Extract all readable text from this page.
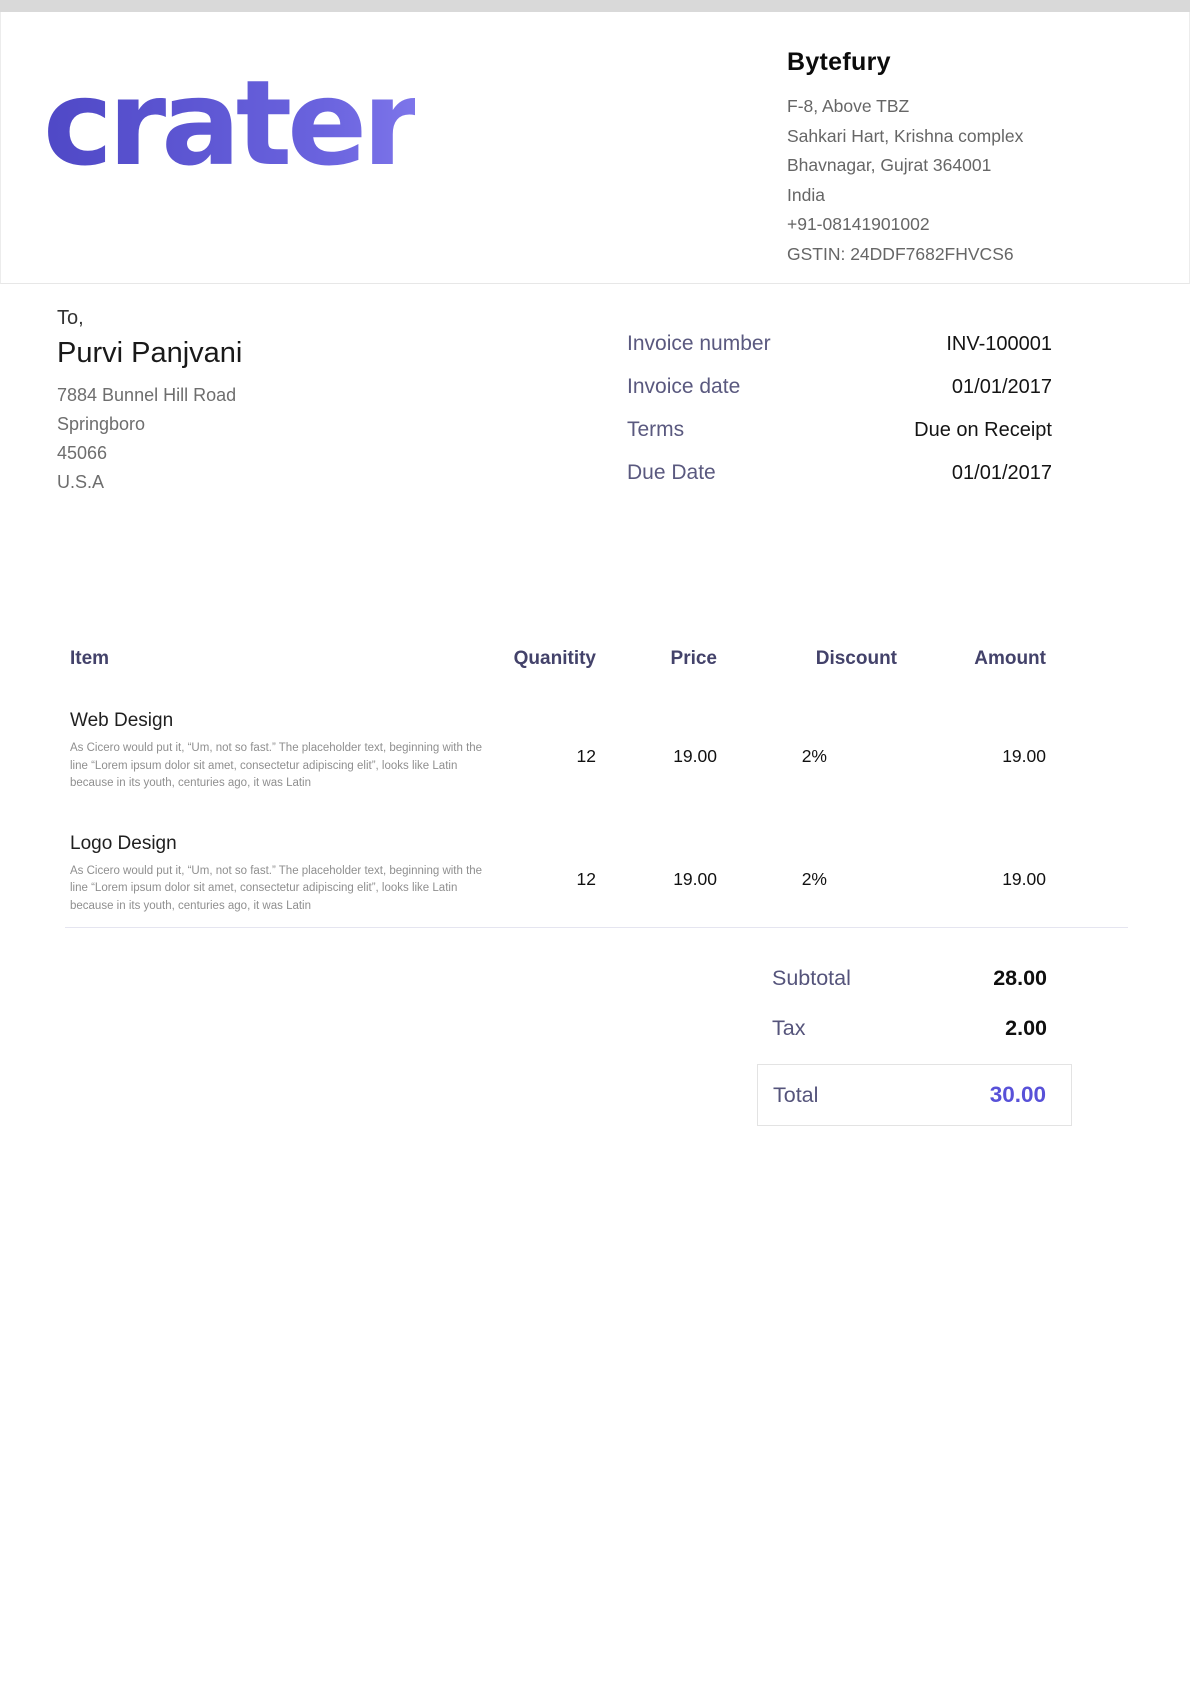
crater	Bytefury
F-8, Above TBZ
Sahkari Hart, Krishna complex
Bhavnagar, Gujrat 364001
India
+91-08141901002
GSTIN: 24DDF7682FHVCS6
To,
Purvi Panjvani
7884 Bunnel Hill Road
Springboro
45066
U.S.A
Invoice number	INV-100001
Invoice date	01/01/2017
Terms	Due on Receipt
Due Date	01/01/2017
Item	Quanitity	Price	Discount	Amount
Web Design
As Cicero would put it, “Um, not so fast.” The placeholder text, beginning with the line “Lorem ipsum dolor sit amet, consectetur adipiscing elit”, looks like Latin because in its youth, centuries ago, it was Latin
12	19.00	2%	19.00
Logo Design
As Cicero would put it, “Um, not so fast.” The placeholder text, beginning with the line “Lorem ipsum dolor sit amet, consectetur adipiscing elit”, looks like Latin because in its youth, centuries ago, it was Latin
12	19.00	2%	19.00
Subtotal	28.00
Tax	2.00
Total	30.00
